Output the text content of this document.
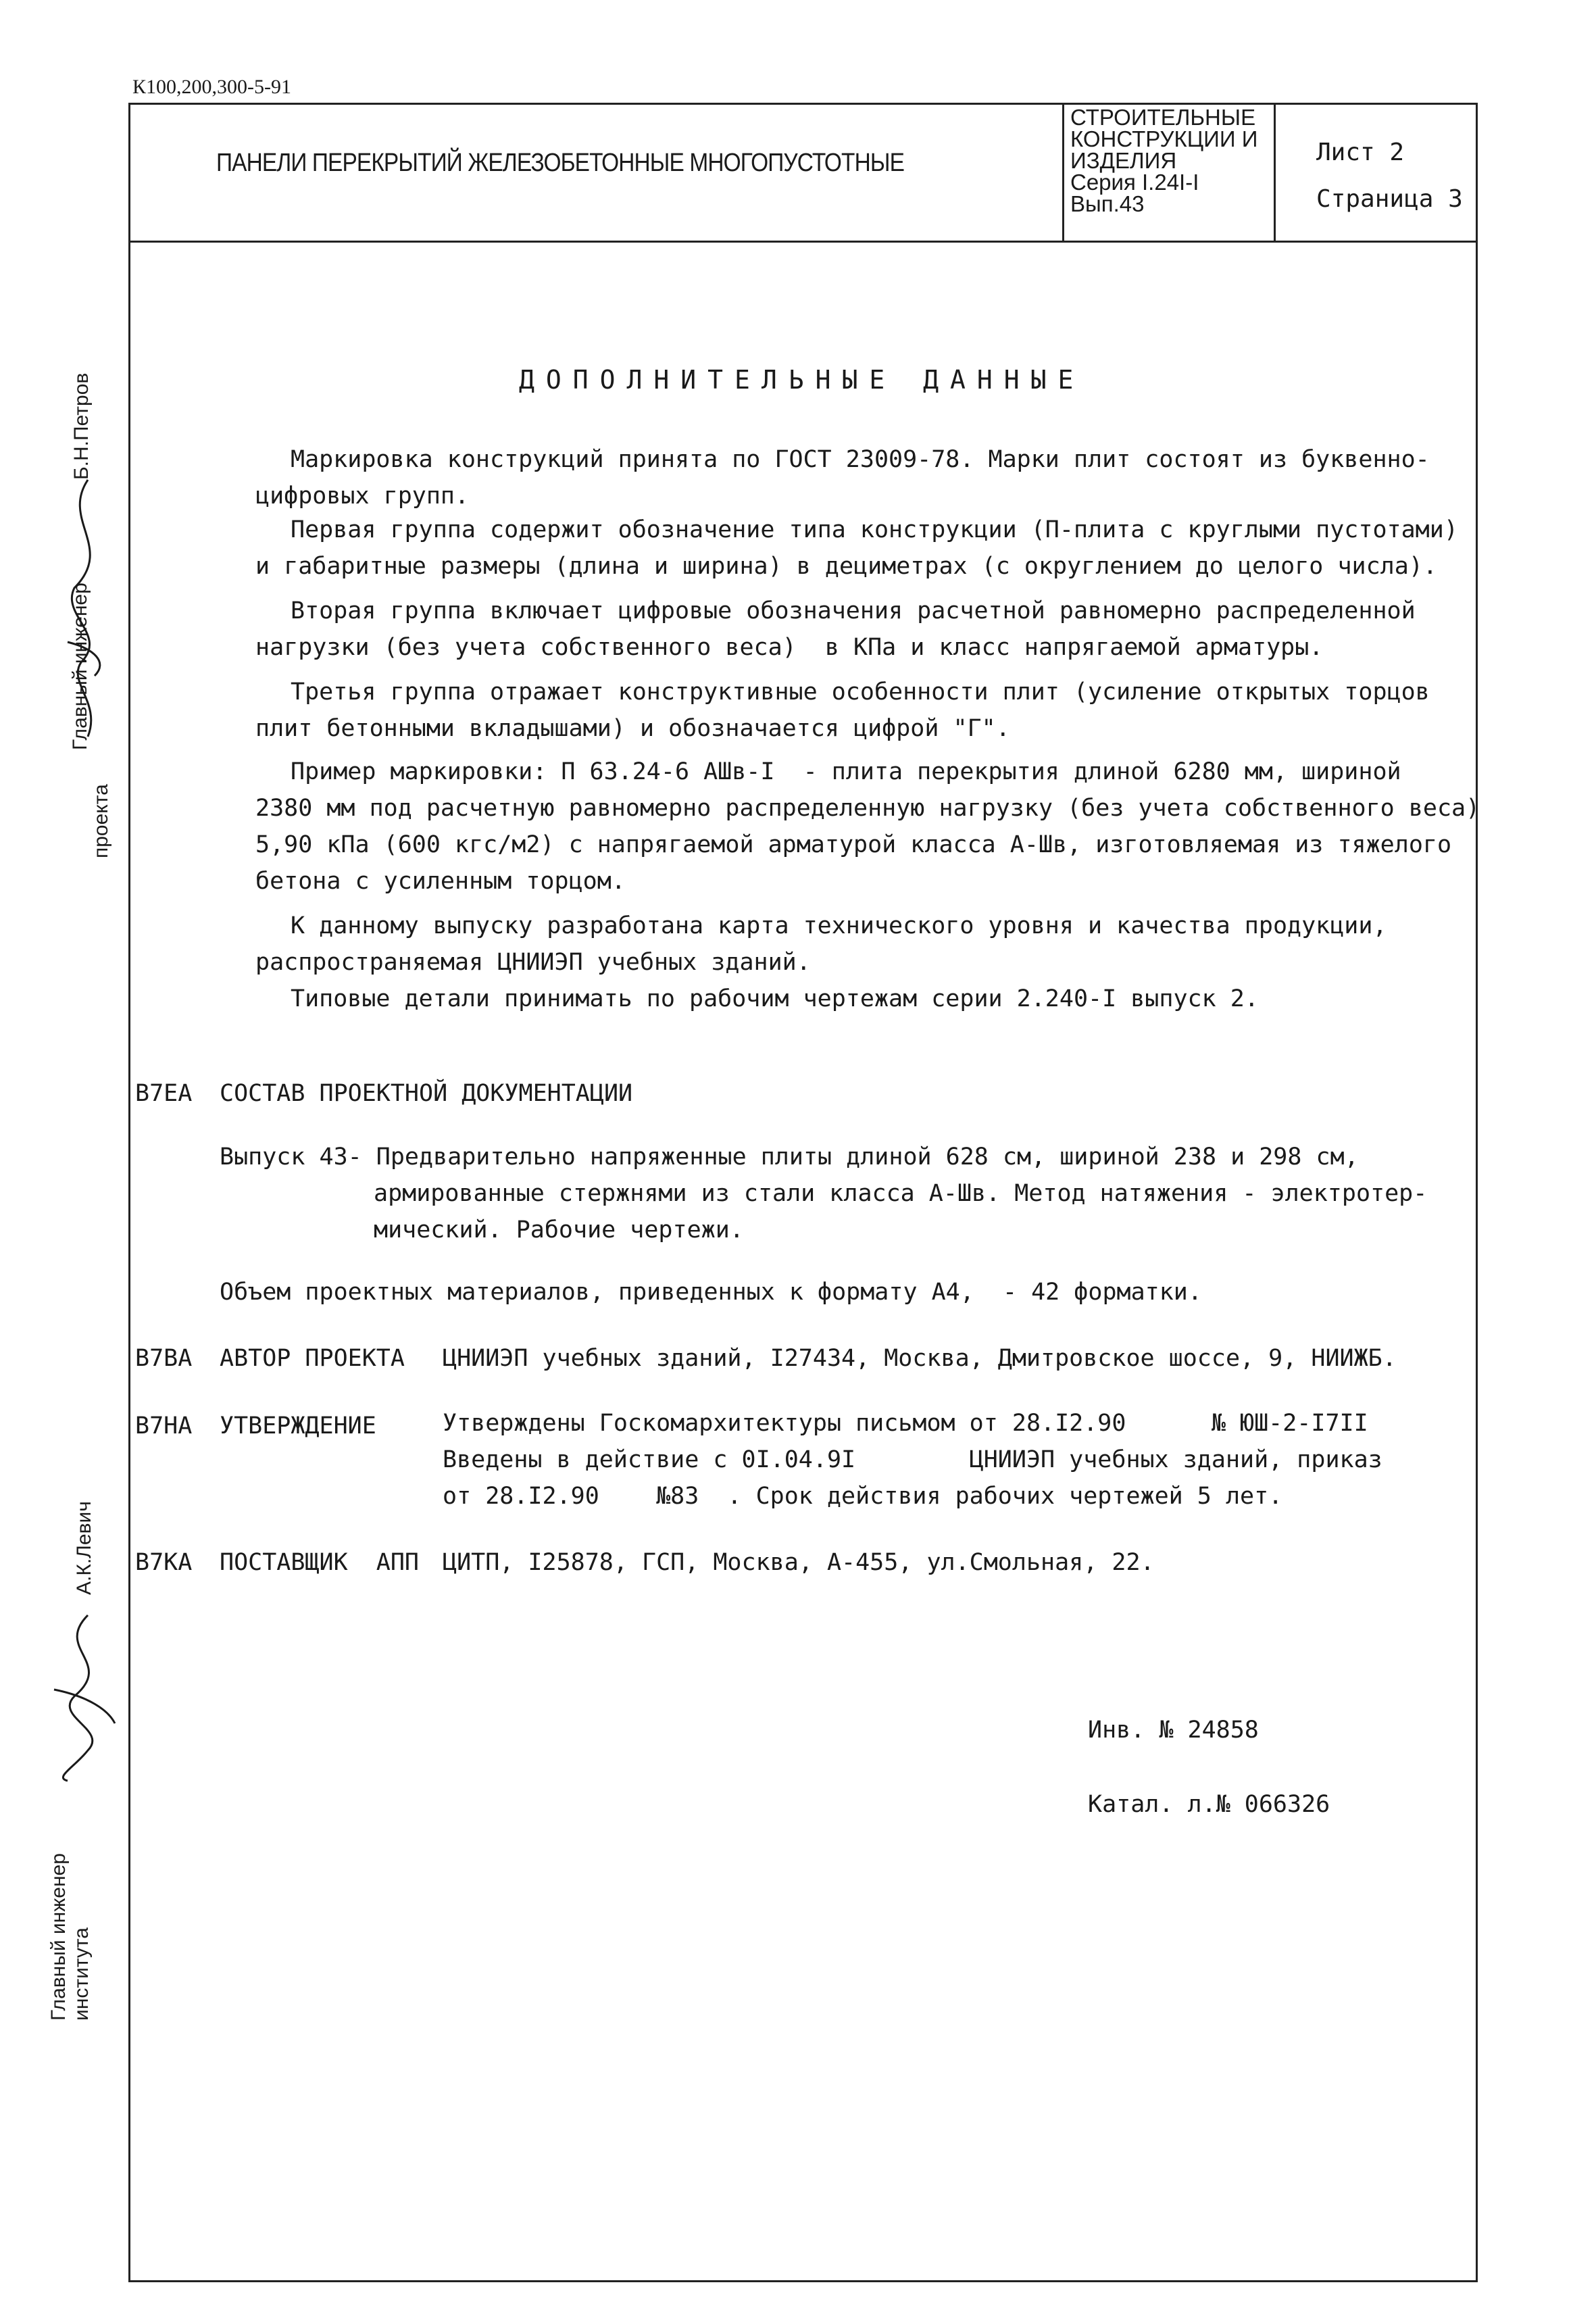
К100,200,300-5-91
ПАНЕЛИ ПЕРЕКРЫТИЙ ЖЕЛЕЗОБЕТОННЫЕ МНОГОПУСТОТНЫЕ
СТРОИТЕЛЬНЫЕ
КОНСТРУКЦИИ И
ИЗДЕЛИЯ
Серия I.24I-I
Вып.43
Лист 2
Страница 3
ДОПОЛНИТЕЛЬНЫЕ ДАННЫЕ
Маркировка конструкций принята по ГОСТ 23009-78. Марки плит состоят из буквенно-
цифровых групп.
Первая группа содержит обозначение типа конструкции (П-плита с круглыми пустотами)
и габаритные размеры (длина и ширина) в дециметрах (с округлением до целого числа).
Вторая группа включает цифровые обозначения расчетной равномерно распределенной
нагрузки (без учета собственного веса)  в КПа и класс напрягаемой арматуры.
Третья группа отражает конструктивные особенности плит (усиление открытых торцов
плит бетонными вкладышами) и обозначается цифрой "Г".
Пример маркировки: П 63.24-6 АШв-I  - плита перекрытия длиной 6280 мм, шириной
2380 мм под расчетную равномерно распределенную нагрузку (без учета собственного веса)
5,90 кПа (600 кгс/м2) с напрягаемой арматурой класса А-Шв, изготовляемая из тяжелого
бетона с усиленным торцом.
К данному выпуску разработана карта технического уровня и качества продукции,
распространяемая ЦНИИЭП учебных зданий.
Типовые детали принимать по рабочим чертежам серии 2.240-I выпуск 2.
В7ЕА СОСТАВ ПРОЕКТНОЙ ДОКУМЕНТАЦИИ
Выпуск 43- Предварительно напряженные плиты длиной 628 см, шириной 238 и 298 см,
армированные стержнями из стали класса А-Шв. Метод натяжения - электротер-
мический. Рабочие чертежи.
Объем проектных материалов, приведенных к формату А4,  - 42 форматки.
В7ВА АВТОР ПРОЕКТА ЦНИИЭП учебных зданий, I27434, Москва, Дмитровское шоссе, 9, НИИЖБ.
В7НА УТВЕРЖДЕНИЕ	Утверждены Госкомархитектуры письмом от 28.I2.90      № ЮШ-2-I7II
Введены в действие с 0I.04.9I        ЦНИИЭП учебных зданий, приказ
от 28.I2.90    №83  . Срок действия рабочих чертежей 5 лет.
В7КА ПОСТАВЩИК  АПП ЦИТП, I25878, ГСП, Москва, А-455, ул.Смольная, 22.
Инв. № 24858
Катал. л.№ 066326
Главный инженер
проекта
Б.Н.Петров
Главный инженер института
А.К.Левич
